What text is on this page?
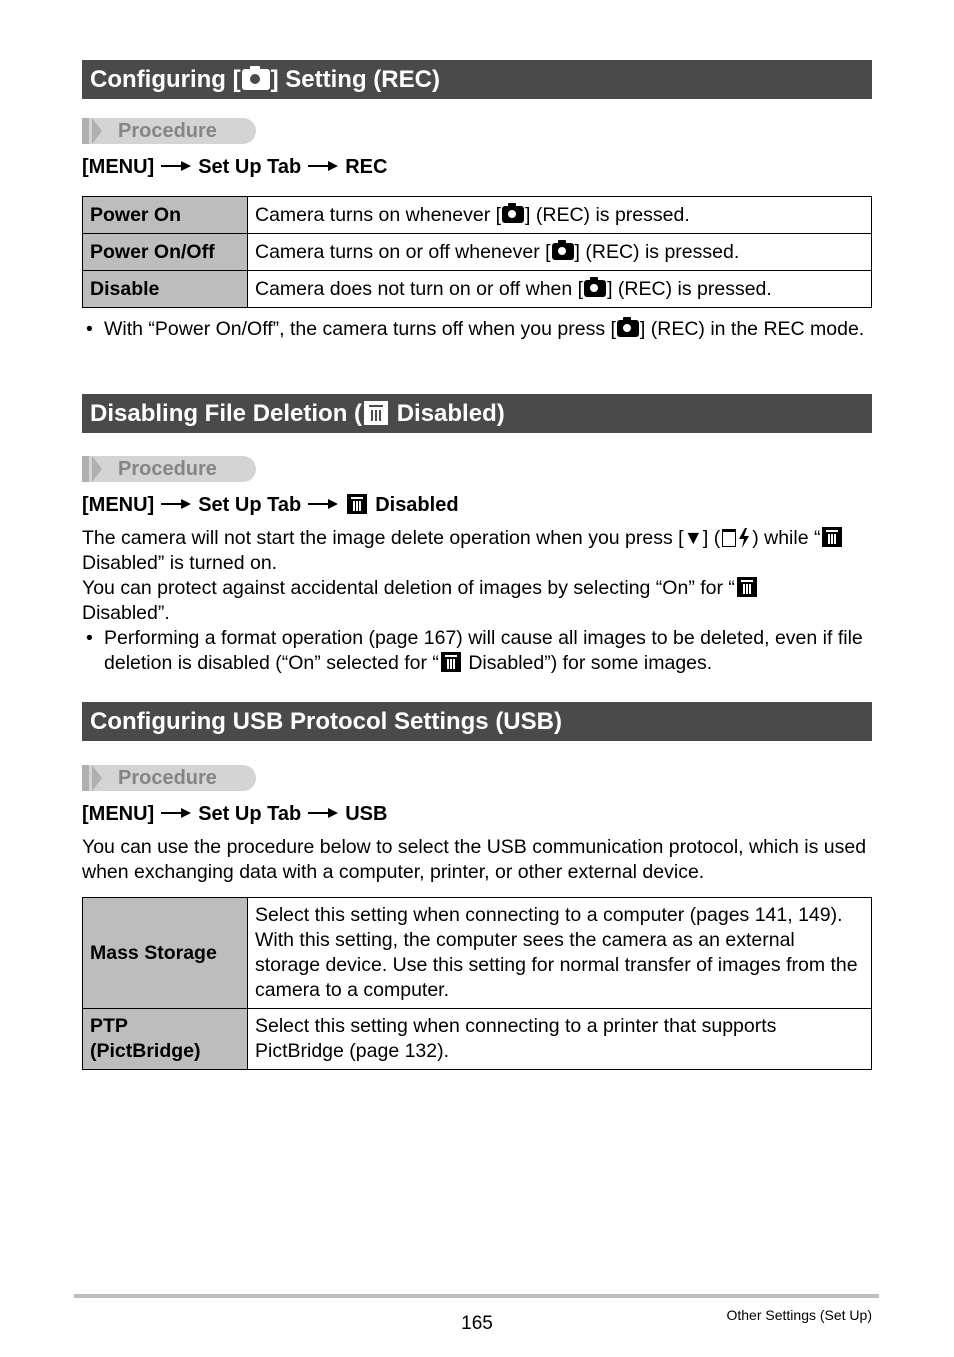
Configuring [ ] Setting (REC)
Procedure
[MENU] Set Up Tab REC
Power On	Camera turns on whenever [ ] (REC) is pressed.
Power On/Off	Camera turns on or off whenever [ ] (REC) is pressed.
Disable	Camera does not turn on or off when [ ] (REC) is pressed.

• With “Power On/Off”, the camera turns off when you press [ ] (REC) in the REC mode.

Disabling File Deletion ( Disabled)
Procedure
[MENU] Set Up Tab	Disabled

The camera will not start the image delete operation when you press [▼] ( ) while “ Disabled” is turned on.

You can protect against accidental deletion of images by selecting “On” for “ Disabled”.

• Performing a format operation (page 167) will cause all images to be deleted, even if file deletion is disabled (“On” selected for “ Disabled”) for some images.

Configuring USB Protocol Settings (USB)
Procedure
[MENU] Set Up Tab USB
You can use the procedure below to select the USB communication protocol, which is used when exchanging data with a computer, printer, or other external device.
Mass Storage	Select this setting when connecting to a computer (pages 141, 149). With this setting, the computer sees the camera as an external storage device. Use this setting for normal transfer of images from the camera to a computer.
PTP
(PictBridge)	Select this setting when connecting to a printer that supports PictBridge (page 132).
165	Other Settings (Set Up)
